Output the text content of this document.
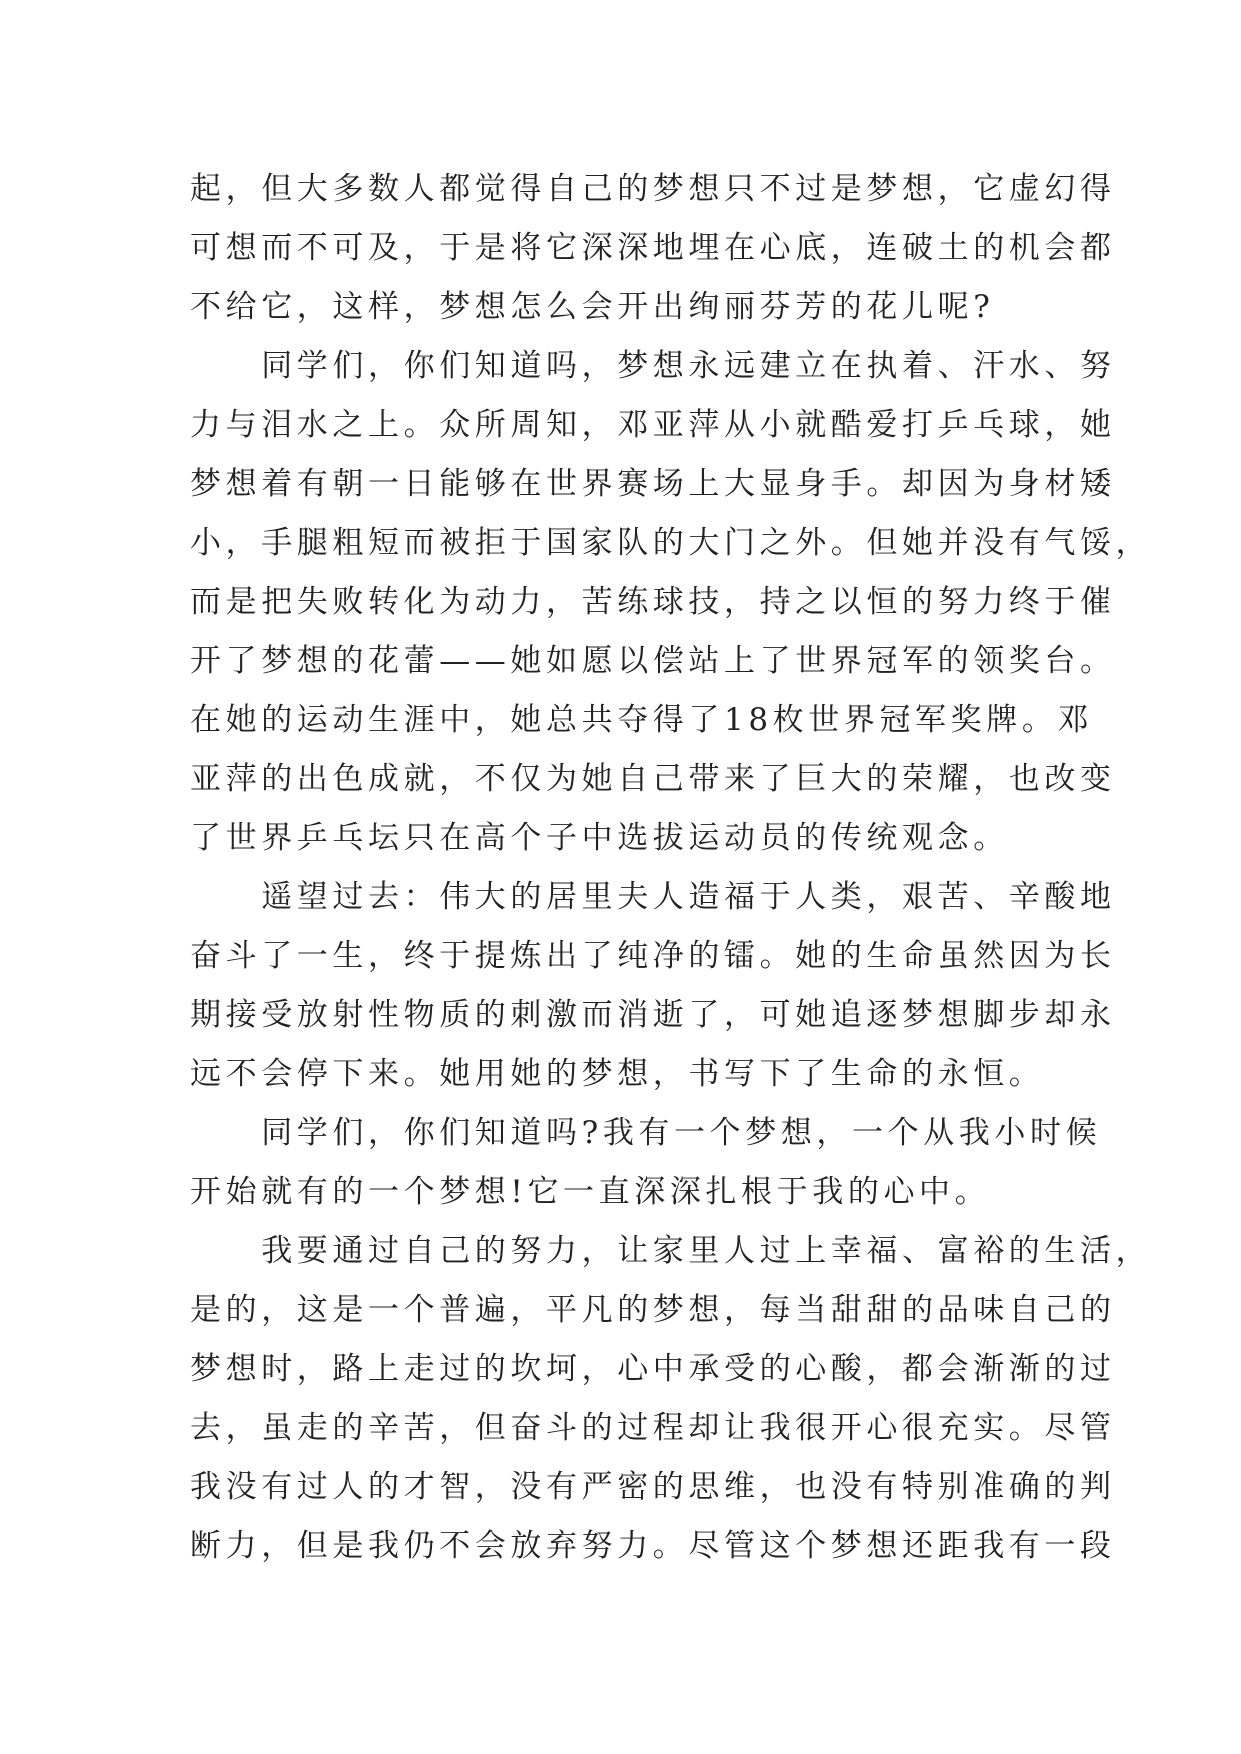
起，但大多数人都觉得自己的梦想只不过是梦想，它虚幻得
可想而不可及，于是将它深深地埋在心底，连破土的机会都
不给它，这样，梦想怎么会开出绚丽芬芳的花儿呢?
　　同学们，你们知道吗，梦想永远建立在执着、汗水、努
力与泪水之上。众所周知，邓亚萍从小就酷爱打乒乓球，她
梦想着有朝一日能够在世界赛场上大显身手。却因为身材矮
小，手腿粗短而被拒于国家队的大门之外。但她并没有气馁，
而是把失败转化为动力，苦练球技，持之以恒的努力终于催
开了梦想的花蕾——她如愿以偿站上了世界冠军的领奖台。
在她的运动生涯中，她总共夺得了18枚世界冠军奖牌。邓
亚萍的出色成就，不仅为她自己带来了巨大的荣耀，也改变
了世界乒乓坛只在高个子中选拔运动员的传统观念。
　　遥望过去：伟大的居里夫人造福于人类，艰苦、辛酸地
奋斗了一生，终于提炼出了纯净的镭。她的生命虽然因为长
期接受放射性物质的刺激而消逝了，可她追逐梦想脚步却永
远不会停下来。她用她的梦想，书写下了生命的永恒。
　　同学们，你们知道吗?我有一个梦想，一个从我小时候
开始就有的一个梦想!它一直深深扎根于我的心中。
　　我要通过自己的努力，让家里人过上幸福、富裕的生活，
是的，这是一个普遍，平凡的梦想，每当甜甜的品味自己的
梦想时，路上走过的坎坷，心中承受的心酸，都会渐渐的过
去，虽走的辛苦，但奋斗的过程却让我很开心很充实。尽管
我没有过人的才智，没有严密的思维，也没有特别准确的判
断力，但是我仍不会放弃努力。尽管这个梦想还距我有一段
